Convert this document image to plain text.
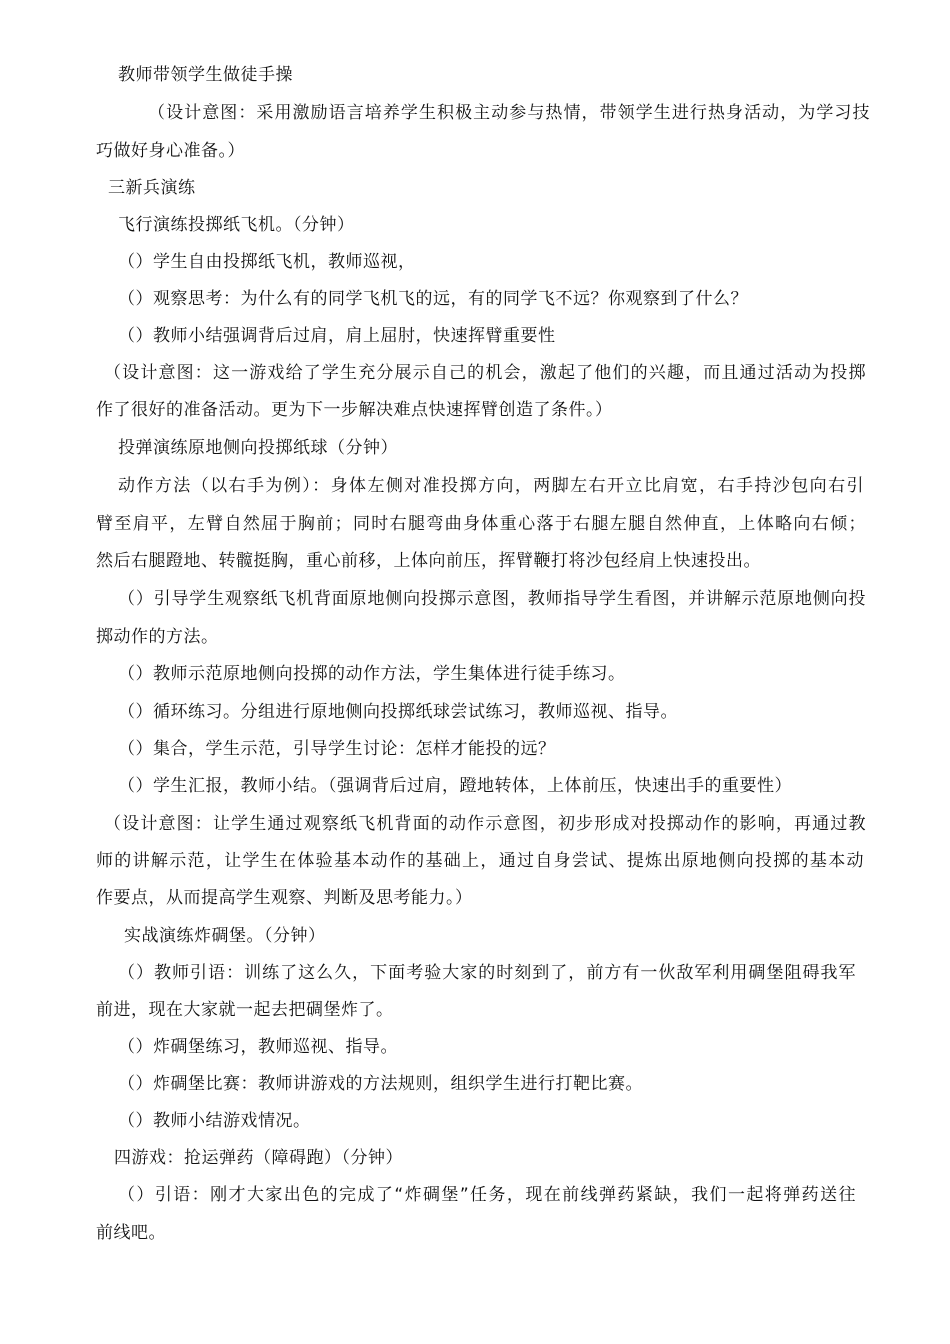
教师带领学生做徒手操
（设计意图：采用激励语言培养学生积极主动参与热情，带领学生进行热身活动，为学习技
巧做好身心准备。）
三新兵演练
飞行演练投掷纸飞机。（分钟）
（）学生自由投掷纸飞机，教师巡视，
（）观察思考：为什么有的同学飞机飞的远，有的同学飞不远？你观察到了什么？
（）教师小结强调背后过肩，肩上屈肘，快速挥臂重要性
（设计意图：这一游戏给了学生充分展示自己的机会，激起了他们的兴趣，而且通过活动为投掷
作了很好的准备活动。更为下一步解决难点快速挥臂创造了条件。）
投弹演练原地侧向投掷纸球（分钟）
动作方法（以右手为例）：身体左侧对准投掷方向，两脚左右开立比肩宽，右手持沙包向右引
臂至肩平，左臂自然屈于胸前；同时右腿弯曲身体重心落于右腿左腿自然伸直，上体略向右倾；
然后右腿蹬地、转髋挺胸，重心前移，上体向前压，挥臂鞭打将沙包经肩上快速投出。
（）引导学生观察纸飞机背面原地侧向投掷示意图，教师指导学生看图，并讲解示范原地侧向投
掷动作的方法。
（）教师示范原地侧向投掷的动作方法，学生集体进行徒手练习。
（）循环练习。分组进行原地侧向投掷纸球尝试练习，教师巡视、指导。
（）集合，学生示范，引导学生讨论：怎样才能投的远？
（）学生汇报，教师小结。（强调背后过肩，蹬地转体，上体前压，快速出手的重要性）
（设计意图：让学生通过观察纸飞机背面的动作示意图，初步形成对投掷动作的影响，再通过教
师的讲解示范，让学生在体验基本动作的基础上，通过自身尝试、提炼出原地侧向投掷的基本动
作要点，从而提高学生观察、判断及思考能力。）
实战演练炸碉堡。（分钟）
（）教师引语：训练了这么久，下面考验大家的时刻到了，前方有一伙敌军利用碉堡阻碍我军
前进，现在大家就一起去把碉堡炸了。
（）炸碉堡练习，教师巡视、指导。
（）炸碉堡比赛：教师讲游戏的方法规则，组织学生进行打靶比赛。
（）教师小结游戏情况。
四游戏：抢运弹药（障碍跑）（分钟）
（）引语：刚才大家出色的完成了“炸碉堡”任务，现在前线弹药紧缺，我们一起将弹药送往
前线吧。
